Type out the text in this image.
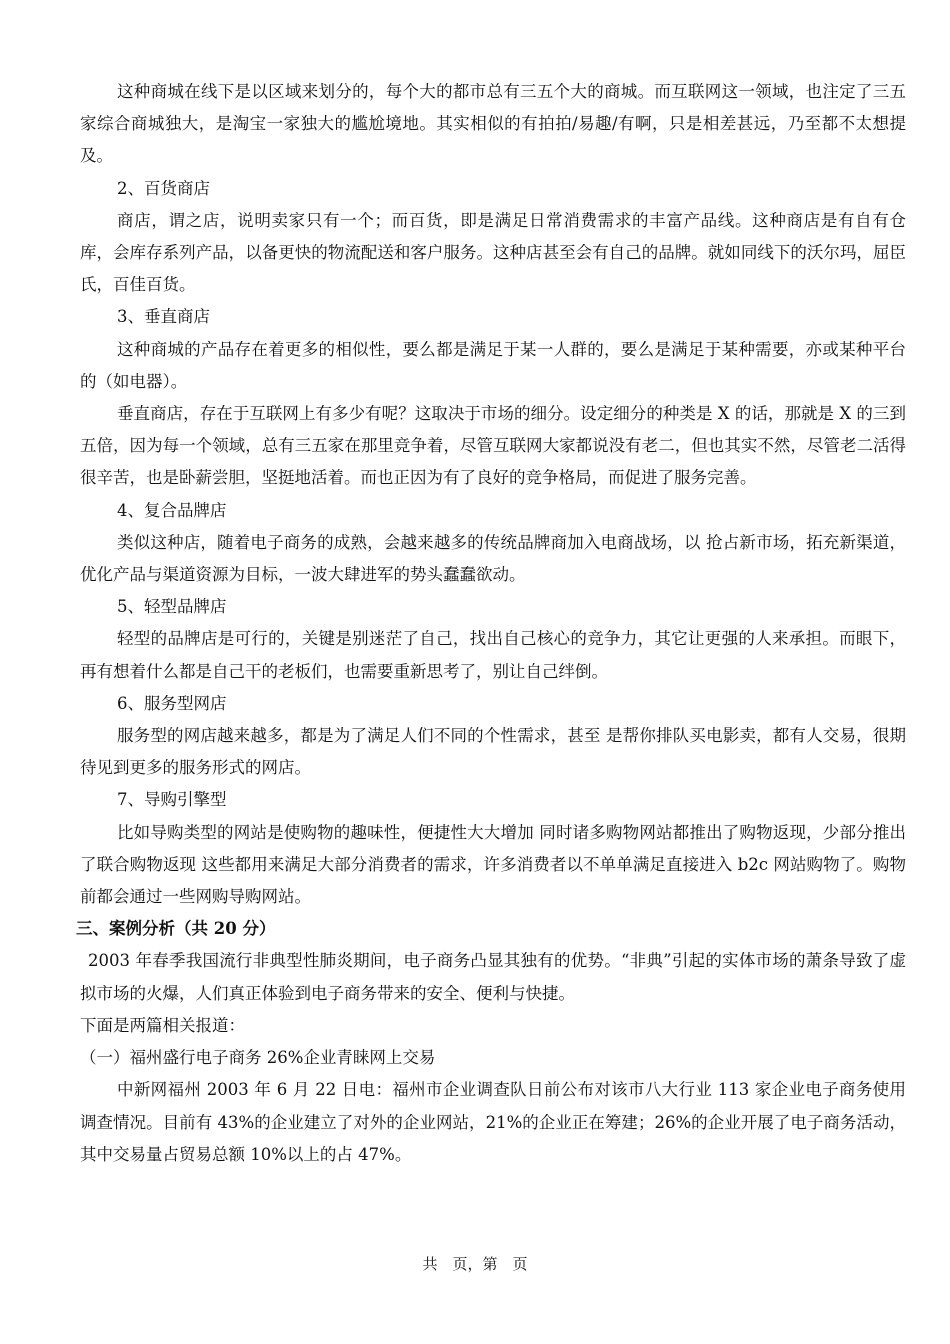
这种商城在线下是以区域来划分的，每个大的都市总有三五个大的商城。而互联网这一领域，也注定了三五家综合商城独大，是淘宝一家独大的尴尬境地。其实相似的有拍拍/易趣/有啊，只是相差甚远，乃至都不太想提及。

2、百货商店

商店，谓之店，说明卖家只有一个；而百货，即是满足日常消费需求的丰富产品线。这种商店是有自有仓库，会库存系列产品，以备更快的物流配送和客户服务。这种店甚至会有自己的品牌。就如同线下的沃尔玛，屈臣氏，百佳百货。

3、垂直商店

这种商城的产品存在着更多的相似性，要么都是满足于某一人群的，要么是满足于某种需要，亦或某种平台的（如电器）。

垂直商店，存在于互联网上有多少有呢？这取决于市场的细分。设定细分的种类是 X 的话，那就是 X 的三到五倍，因为每一个领域，总有三五家在那里竞争着，尽管互联网大家都说没有老二，但也其实不然，尽管老二活得很辛苦，也是卧薪尝胆，坚挺地活着。而也正因为有了良好的竞争格局，而促进了服务完善。

4、复合品牌店

类似这种店，随着电子商务的成熟，会越来越多的传统品牌商加入电商战场，以 抢占新市场，拓充新渠道，优化产品与渠道资源为目标，一波大肆进军的势头蠢蠢欲动。

5、轻型品牌店

轻型的品牌店是可行的，关键是别迷茫了自己，找出自己核心的竞争力，其它让更强的人来承担。而眼下，再有想着什么都是自己干的老板们，也需要重新思考了，别让自己绊倒。

6、服务型网店

服务型的网店越来越多，都是为了满足人们不同的个性需求，甚至 是帮你排队买电影卖，都有人交易，很期待见到更多的服务形式的网店。

7、导购引擎型

比如导购类型的网站是使购物的趣味性，便捷性大大增加 同时诸多购物网站都推出了购物返现，少部分推出了联合购物返现 这些都用来满足大部分消费者的需求，许多消费者以不单单满足直接进入 b2c 网站购物了。购物前都会通过一些网购导购网站。

三、案例分析（共 20 分）

2003 年春季我国流行非典型性肺炎期间，电子商务凸显其独有的优势。“非典”引起的实体市场的萧条导致了虚拟市场的火爆，人们真正体验到电子商务带来的安全、便利与快捷。

下面是两篇相关报道：

（一）福州盛行电子商务 26%企业青睐网上交易

中新网福州 2003 年 6 月 22 日电：福州市企业调查队日前公布对该市八大行业 113 家企业电子商务使用调查情况。目前有 43%的企业建立了对外的企业网站，21%的企业正在筹建；26%的企业开展了电子商务活动，其中交易量占贸易总额 10%以上的占 47%。

共　页，第　页
